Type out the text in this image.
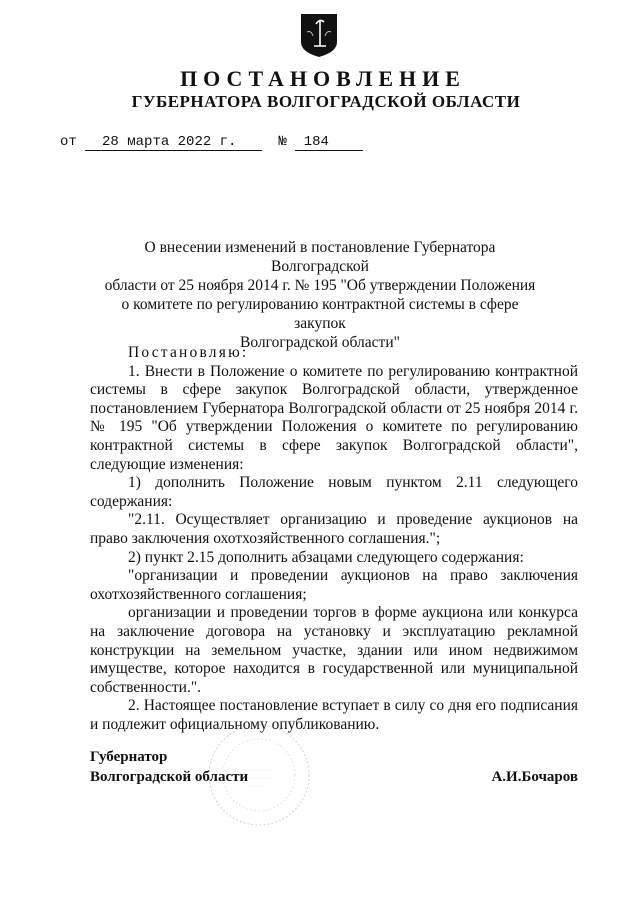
ПОСТАНОВЛЕНИЕ
ГУБЕРНАТОРА ВОЛГОГРАДСКОЙ ОБЛАСТИ
от 28 марта 2022 г.	№ 184
О внесении изменений в постановление Губернатора Волгоградской
области от 25 ноября 2014 г. № 195 "Об утверждении Положения
о комитете по регулированию контрактной системы в сфере закупок
Волгоградской области"
Постановляю:
1. Внести в Положение о комитете по регулированию контрактной системы в сфере закупок Волгоградской области, утвержденное постановлением Губернатора Волгоградской области от 25 ноября 2014 г. № 195 "Об утверждении Положения о комитете по регулированию контрактной системы в сфере закупок Волгоградской области", следующие изменения:
1) дополнить Положение новым пунктом 2.11 следующего содержания:
"2.11. Осуществляет организацию и проведение аукционов на право заключения охотхозяйственного соглашения.";
2) пункт 2.15 дополнить абзацами следующего содержания:
"организации и проведении аукционов на право заключения охотхозяйственного соглашения;
организации и проведении торгов в форме аукциона или конкурса на заключение договора на установку и эксплуатацию рекламной конструкции на земельном участке, здании или ином недвижимом имуществе, которое находится в государственной или муниципальной собственности.".
2. Настоящее постановление вступает в силу со дня его подписания и подлежит официальному опубликованию.
Губернатор
Волгоградской области	А.И.Бочаров
